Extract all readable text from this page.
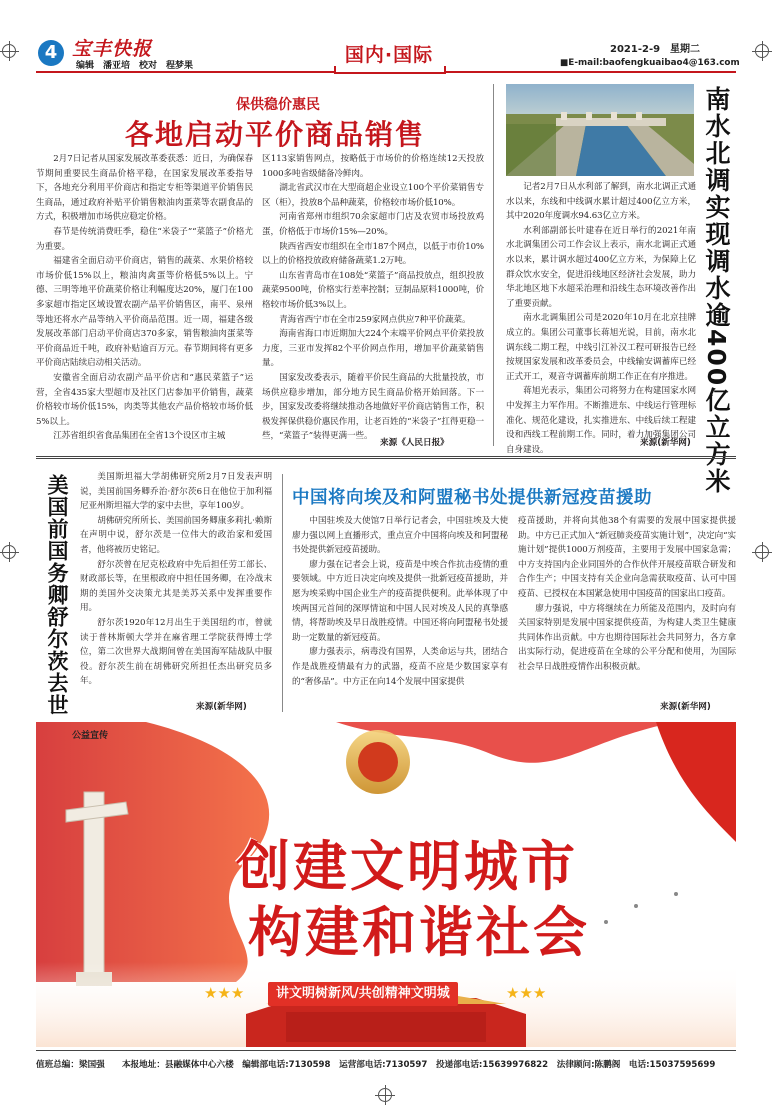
4 宝丰快报
编辑　潘亚培　校对　程梦果	国内·国际	2021-2-9　星期二
■E-mail:baofengkuaibao4@163.com
保供稳价惠民
各地启动平价商品销售

2月7日记者从国家发展改革委获悉：近日，为确保春节期间重要民生商品价格平稳，在国家发展改革委指导下，各地充分利用平价商店和指定专柜等渠道平价销售民生商品，通过政府补贴平价销售粮油肉蛋菜等农副食品的方式，积极增加市场供应稳定价格。

春节是传统消费旺季，稳住“米袋子”“菜篮子”价格尤为重要。

福建省全面启动平价商店，销售的蔬菜、水果价格较市场价低15%以上，粮油肉禽蛋等价格低5%以上。宁德、三明等地平价蔬菜价格让利幅度达20%，厦门在100多家超市指定区域设置农副产品平价销售区，南平、泉州等地还将水产品等纳入平价商品范围。近一周，福建各级发展改革部门启动平价商店370多家，销售粮油肉蛋菜等平价商品近千吨，政府补贴逾百万元。春节期间将有更多平价商店陆续启动相关活动。

安徽省全面启动农副产品平价店和“惠民菜篮子”运营，全省435家大型超市及社区门店参加平价销售，蔬菜价格较市场价低15%，肉类等其他农产品价格较市场价低5%以上。

江苏省组织省食品集团在全省13个设区市主城

区113家销售网点，按略低于市场价的价格连续12天投放1000多吨省级储备冷鲜肉。

湖北省武汉市在大型商超企业设立100个平价菜销售专区（柜），投放8个品种蔬菜，价格较市场价低10%。

河南省郑州市组织70余家超市门店及农贸市场投放鸡蛋，价格低于市场价15%—20%。

陕西省西安市组织在全市187个网点，以低于市价10%以上的价格投放政府储备蔬菜1.2万吨。

山东省青岛市在108处“菜篮子”商品投放点，组织投放蔬菜9500吨，价格实行差率控制；豆制品原料1000吨，价格较市场价低3%以上。

青海省西宁市在全市259家网点供应7种平价蔬菜。

海南省海口市近期加大224个末端平价网点平价菜投放力度，三亚市发挥82个平价网点作用，增加平价蔬菜销售量。

国家发改委表示，随着平价民生商品的大批量投放，市场供应稳步增加，部分地方民生商品价格开始回落。下一步，国家发改委将继续推动各地做好平价商店销售工作，积极发挥保供稳价惠民作用，让老百姓的“米袋子”扛得更稳一些，“菜篮子”装得更满一些。

来源《人民日报》	南水北调实现调水逾400亿立方米

记者2月7日从水利部了解到，南水北调正式通水以来，东线和中线调水累计超过400亿立方米，其中2020年度调水94.63亿立方米。

水利部副部长叶建春在近日举行的2021年南水北调集团公司工作会议上表示，南水北调正式通水以来，累计调水超过400亿立方米，为保障上亿群众饮水安全，促进沿线地区经济社会发展，助力华北地区地下水超采治理和沿线生态环境改善作出了重要贡献。

南水北调集团公司是2020年10月在北京挂牌成立的。集团公司董事长蒋旭光说，目前，南水北调东线二期工程，中线引江补汉工程可研报告已经按规国家发展和改革委员会，中线输安调蓄库已经正式开工，观音寺调蓄库前期工作正在有序推进。

蒋旭光表示，集团公司将努力在构建国家水网中发挥主力军作用。不断推进东、中线运行管理标准化、规范化建设，扎实推进东、中线后续工程建设和西线工程前期工作。同时，着力加强集团公司自身建设。

来源(新华网)
美国前国务卿舒尔茨去世	美国斯坦福大学胡佛研究所2月7日发表声明说，美国前国务卿乔治·舒尔茨6日在他位于加利福尼亚州斯坦福大学的家中去世，享年100岁。

胡佛研究所所长、美国前国务卿康多莉扎·赖斯在声明中说，舒尔茨是一位伟大的政治家和爱国者，他将被历史铭记。

舒尔茨曾在尼克松政府中先后担任劳工部长、财政部长等，在里根政府中担任国务卿，在冷战末期的美国外交决策尤其是美苏关系中发挥重要作用。

舒尔茨1920年12月出生于美国纽约市，曾就读于普林斯顿大学并在麻省理工学院获得博士学位，第二次世界大战期间曾在美国海军陆战队中服役。舒尔茨生前在胡佛研究所担任杰出研究员多年。

来源(新华网)
中国将向埃及和阿盟秘书处提供新冠疫苗援助

中国驻埃及大使馆7日举行记者会，中国驻埃及大使廖力强以网上直播形式，重点宣介中国将向埃及和阿盟秘书处提供新冠疫苗援助。

廖力强在记者会上说，疫苗是中埃合作抗击疫情的重要领域。中方近日决定向埃及提供一批新冠疫苗援助，并愿为埃采购中国企业生产的疫苗提供便利。此举体现了中埃两国元首间的深厚情谊和中国人民对埃及人民的真挚感情，将帮助埃及早日战胜疫情。中国还将向阿盟秘书处援助一定数量的新冠疫苗。

廖力强表示，病毒没有国界，人类命运与共，团结合作是战胜疫情最有力的武器，疫苗不应是少数国家享有的“奢侈品”。中方正在向14个发展中国家提供

疫苗援助，并将向其他38个有需要的发展中国家提供援助。中方已正式加入“新冠肺炎疫苗实施计划”，决定向“实施计划”提供1000万剂疫苗，主要用于发展中国家急需；中方支持国内企业同国外的合作伙伴开展疫苗联合研发和合作生产；中国支持有关企业向急需获取疫苗、认可中国疫苗、已授权在本国紧急使用中国疫苗的国家出口疫苗。

廖力强说，中方将继续在力所能及范围内，及时向有关国家特别是发展中国家提供疫苗，为构建人类卫生健康共同体作出贡献。中方也期待国际社会共同努力，各方拿出实际行动，促进疫苗在全球的公平分配和使用，为国际社会早日战胜疫情作出积极贡献。

来源(新华网)
公益宣传
创建文明城市
构建和谐社会
★★★	讲文明树新风/共创精神文明城	★★★
值班总编：梁国强　　本报地址：县融媒体中心六楼　编辑部电话:7130598　运营部电话:7130597　投递部电话:15639976822　法律顾问:陈鹏阁　电话:15037595699
